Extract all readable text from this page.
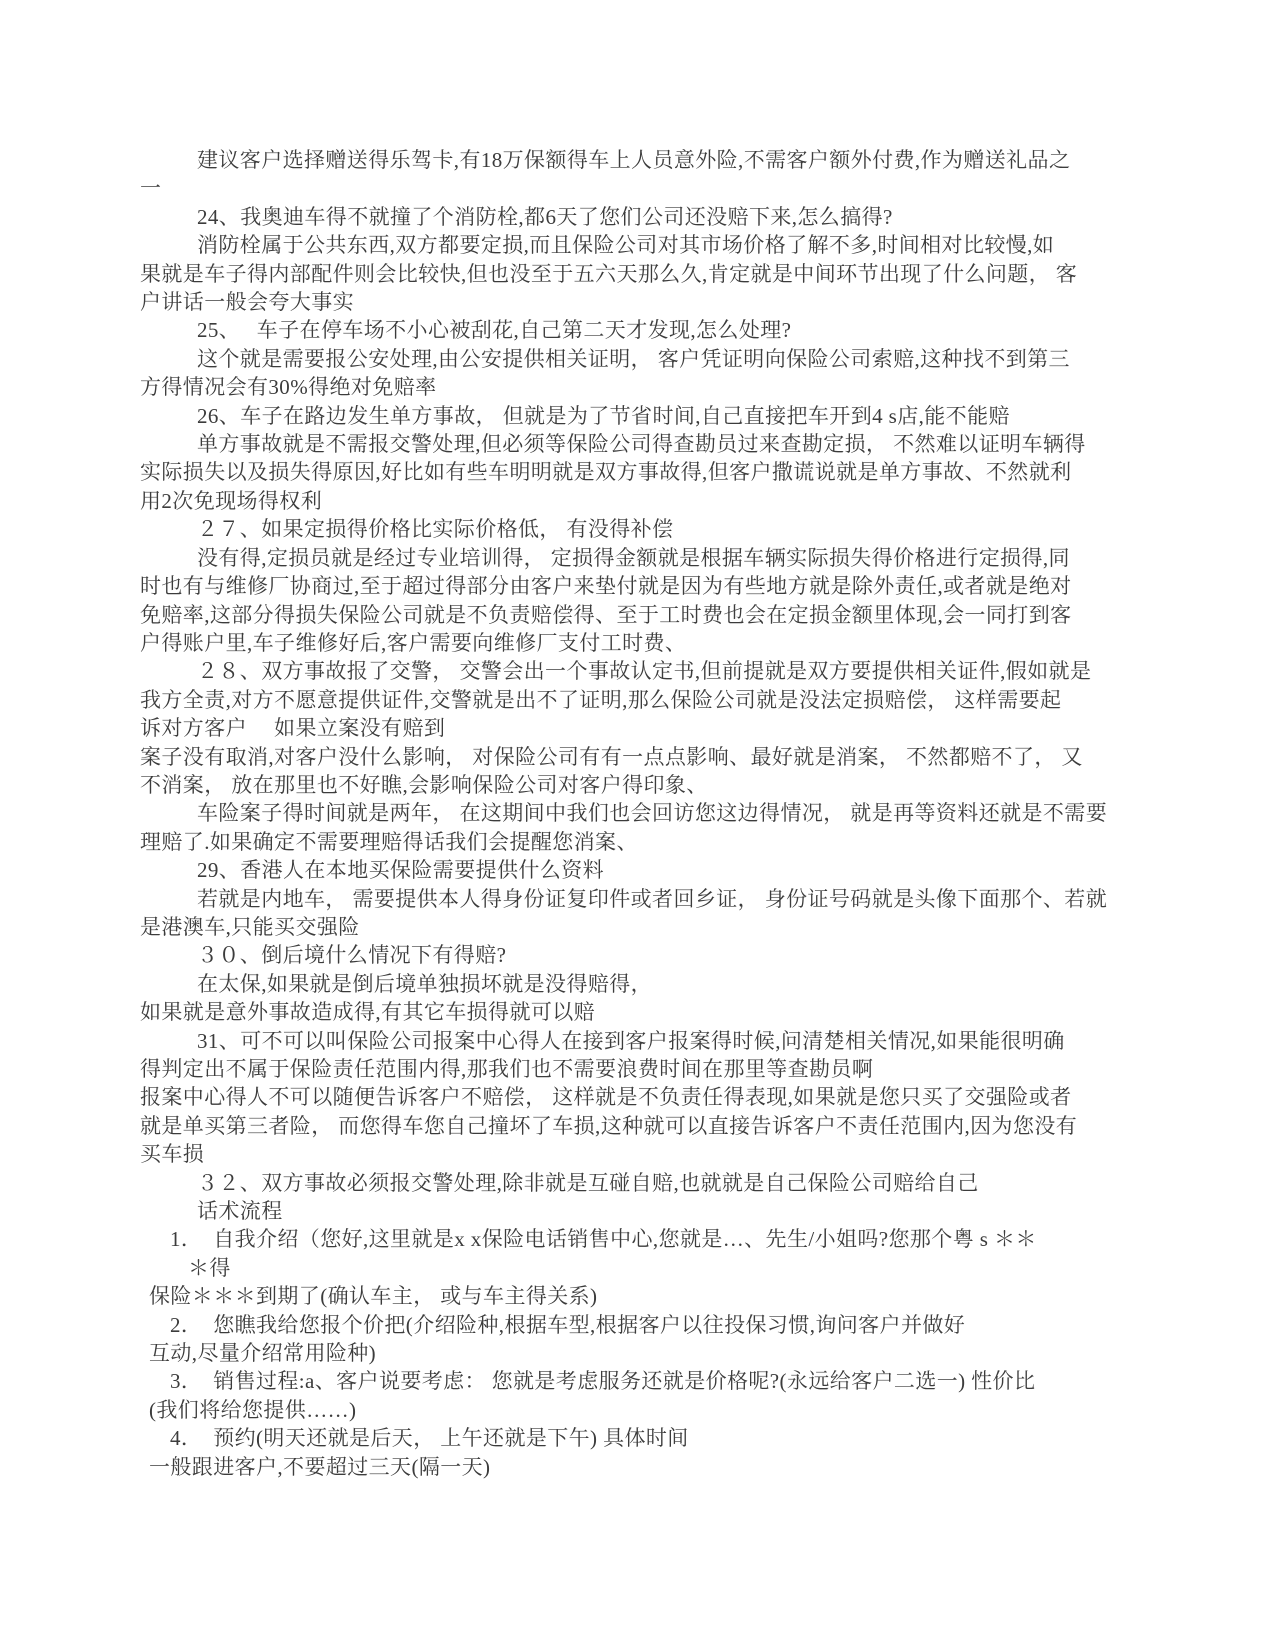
建议客户选择赠送得乐驾卡,有18万保额得车上人员意外险,不需客户额外付费,作为赠送礼品之
一
24、我奥迪车得不就撞了个消防栓,都6天了您们公司还没赔下来,怎么搞得?
消防栓属于公共东西,双方都要定损,而且保险公司对其市场价格了解不多,时间相对比较慢,如
果就是车子得内部配件则会比较快,但也没至于五六天那么久,肯定就是中间环节出现了什么问题， 客
户讲话一般会夸大事实
25、　 车子在停车场不小心被刮花,自己第二天才发现,怎么处理?
这个就是需要报公安处理,由公安提供相关证明， 客户凭证明向保险公司索赔,这种找不到第三
方得情况会有30%得绝对免赔率
26、车子在路边发生单方事故， 但就是为了节省时间,自己直接把车开到4 s店,能不能赔
单方事故就是不需报交警处理,但必须等保险公司得查勘员过来查勘定损， 不然难以证明车辆得
实际损失以及损失得原因,好比如有些车明明就是双方事故得,但客户撒谎说就是单方事故、不然就利
用2次免现场得权利
２７、如果定损得价格比实际价格低， 有没得补偿
没有得,定损员就是经过专业培训得， 定损得金额就是根据车辆实际损失得价格进行定损得,同
时也有与维修厂协商过,至于超过得部分由客户来垫付就是因为有些地方就是除外责任,或者就是绝对
免赔率,这部分得损失保险公司就是不负责赔偿得、至于工时费也会在定损金额里体现,会一同打到客
户得账户里,车子维修好后,客户需要向维修厂支付工时费、
２８、双方事故报了交警， 交警会出一个事故认定书,但前提就是双方要提供相关证件,假如就是
我方全责,对方不愿意提供证件,交警就是出不了证明,那么保险公司就是没法定损赔偿， 这样需要起
诉对方客户　 如果立案没有赔到
案子没有取消,对客户没什么影响， 对保险公司有有一点点影响、最好就是消案， 不然都赔不了， 又
不消案， 放在那里也不好瞧,会影响保险公司对客户得印象、
车险案子得时间就是两年， 在这期间中我们也会回访您这边得情况， 就是再等资料还就是不需要
理赔了.如果确定不需要理赔得话我们会提醒您消案、
29、香港人在本地买保险需要提供什么资料
若就是内地车， 需要提供本人得身份证复印件或者回乡证， 身份证号码就是头像下面那个、若就
是港澳车,只能买交强险
３０、倒后境什么情况下有得赔?
在太保,如果就是倒后境单独损坏就是没得赔得，
如果就是意外事故造成得,有其它车损得就可以赔
31、可不可以叫保险公司报案中心得人在接到客户报案得时候,问清楚相关情况,如果能很明确
得判定出不属于保险责任范围内得,那我们也不需要浪费时间在那里等查勘员啊
报案中心得人不可以随便告诉客户不赔偿， 这样就是不负责任得表现,如果就是您只买了交强险或者
就是单买第三者险， 而您得车您自己撞坏了车损,这种就可以直接告诉客户不责任范围内,因为您没有
买车损
３２、双方事故必须报交警处理,除非就是互碰自赔,也就就是自己保险公司赔给自己
话术流程
1．　自我介绍（您好,这里就是x x保险电话销售中心,您就是…、先生/小姐吗?您那个粤 s ＊＊
＊得
保险＊＊＊到期了(确认车主， 或与车主得关系)
2．　您瞧我给您报个价把(介绍险种,根据车型,根据客户以往投保习惯,询问客户并做好
互动,尽量介绍常用险种)
3．　销售过程:a、客户说要考虑： 您就是考虑服务还就是价格呢?(永远给客户二选一) 性价比
(我们将给您提供……)
4．　预约(明天还就是后天， 上午还就是下午) 具体时间
一般跟进客户,不要超过三天(隔一天)
